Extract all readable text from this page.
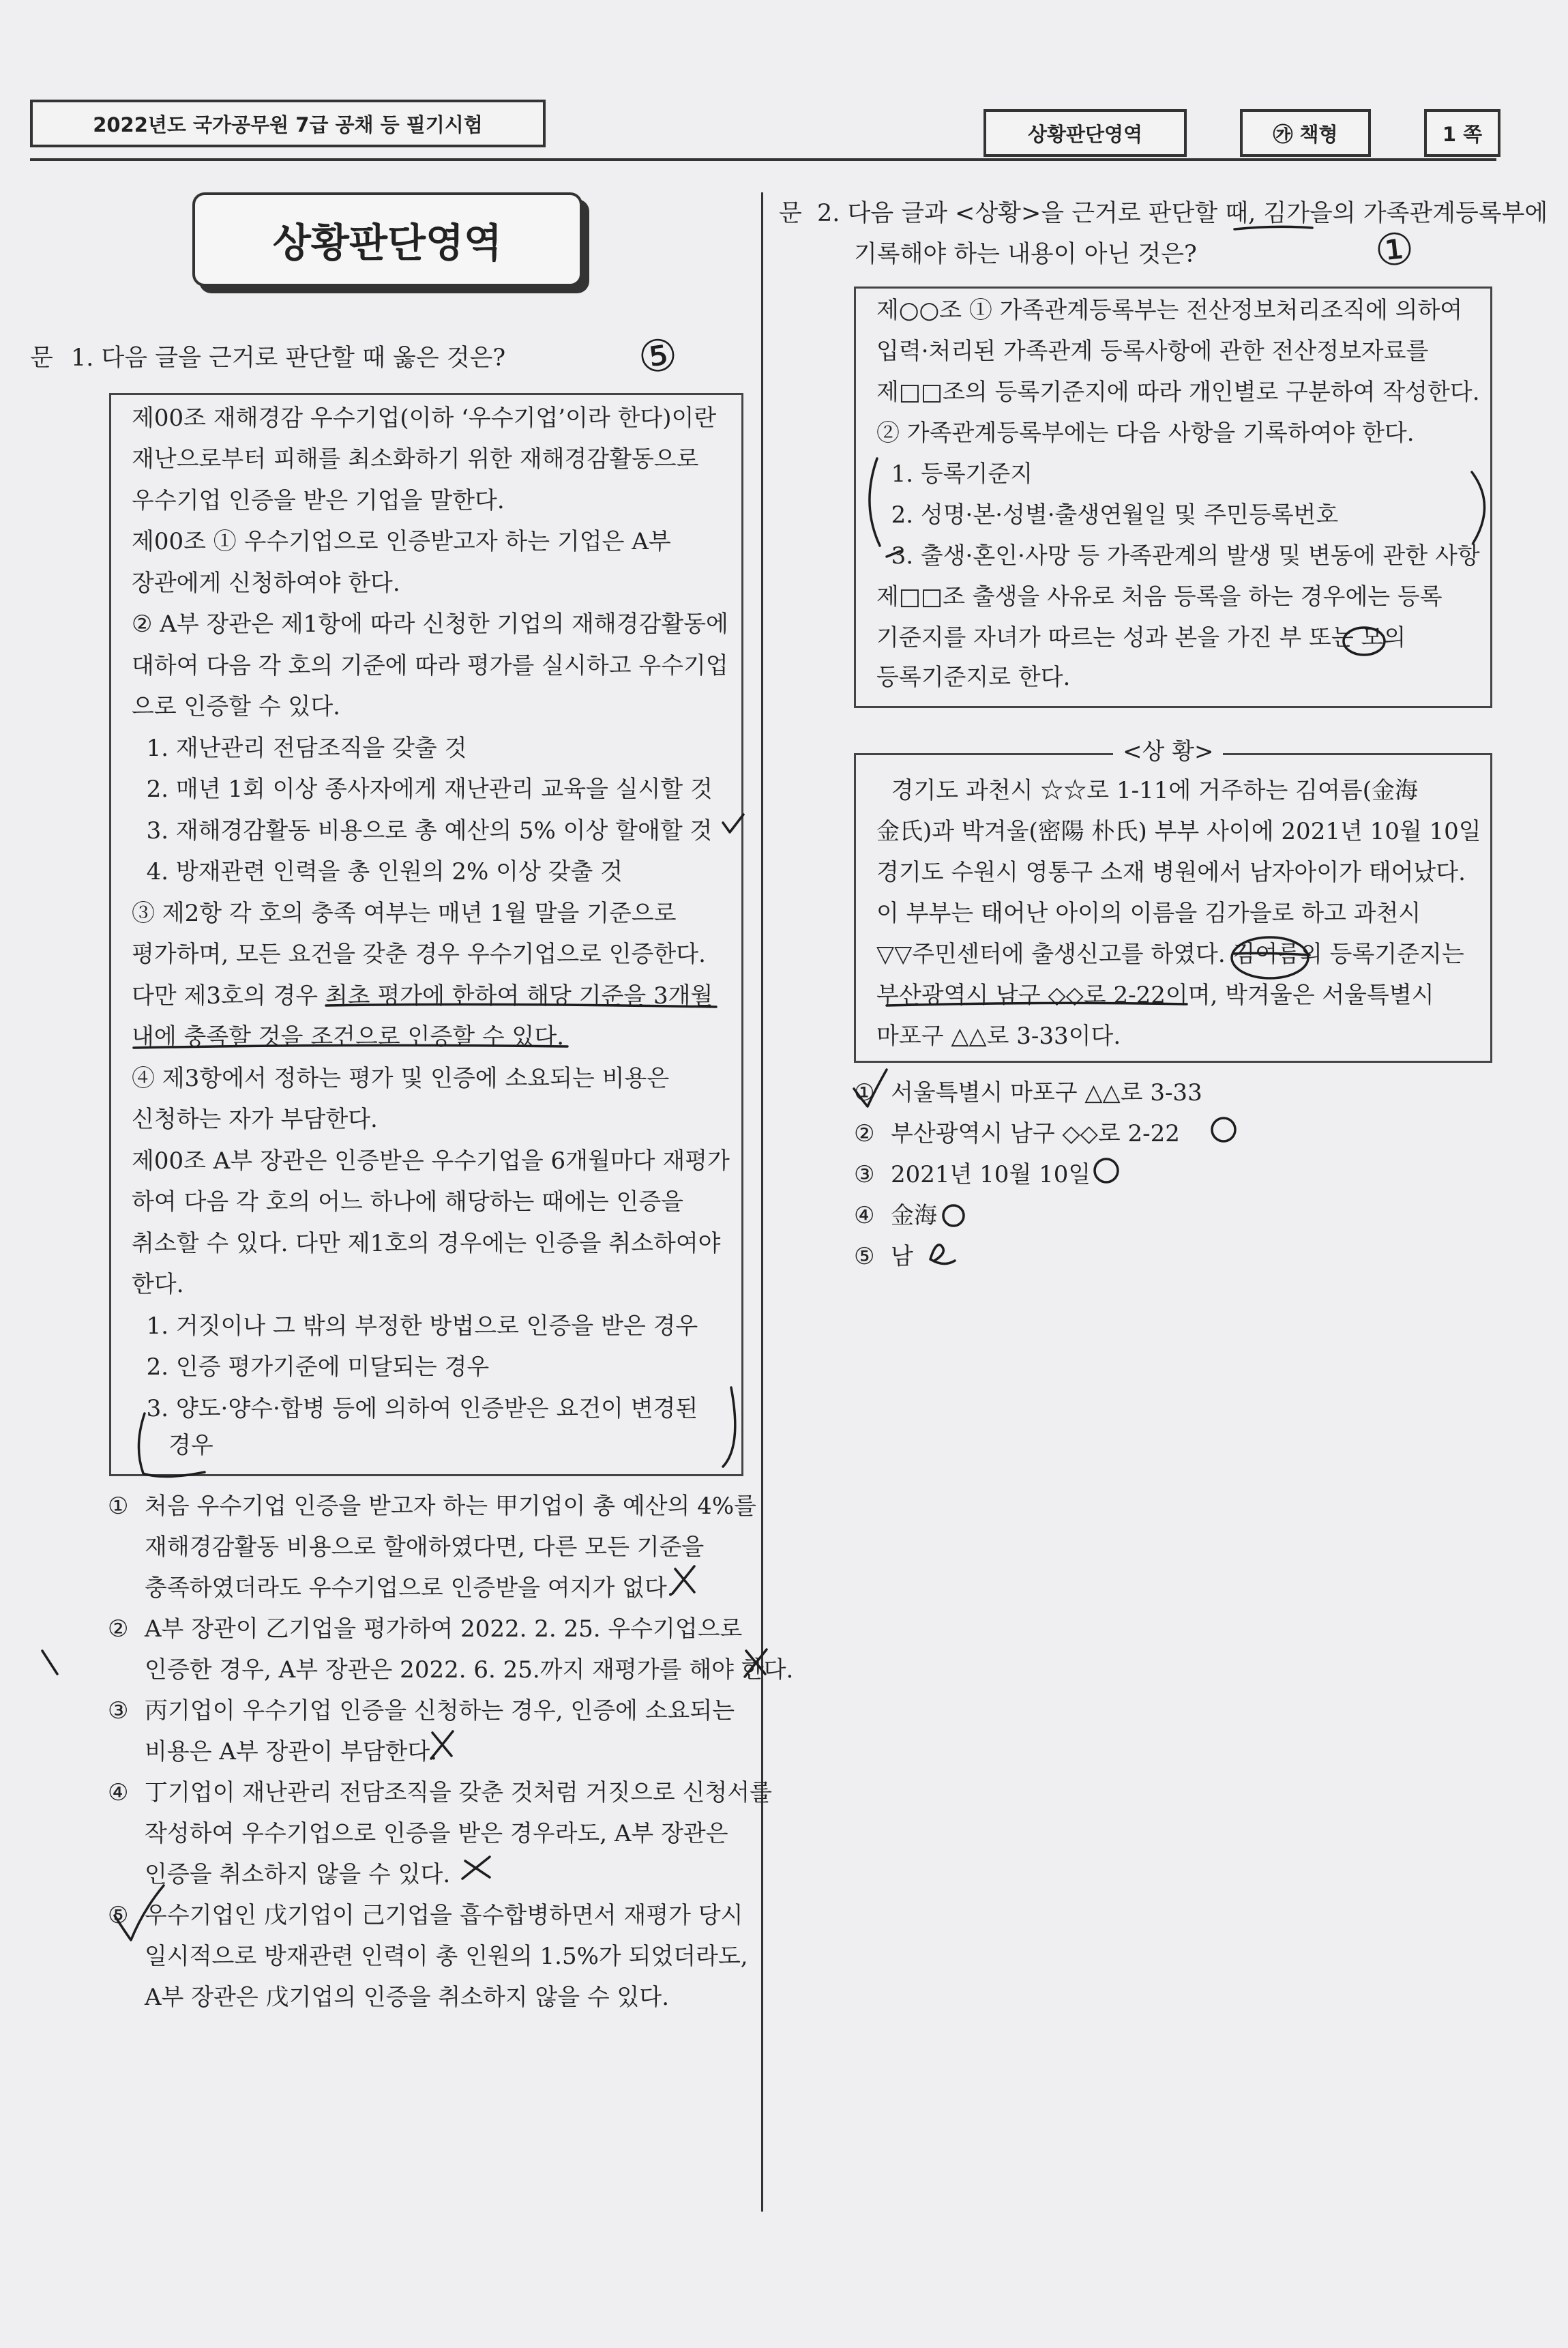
2022년도 국가공무원 7급 공채 등 필기시험	상황판단영역	㉮ 책형	1 쪽
상황판단영역
문 1. 다음 글을 근거로 판단할 때 옳은 것은?
제00조 재해경감 우수기업(이하 ‘우수기업’이라 한다)이란
재난으로부터 피해를 최소화하기 위한 재해경감활동으로
우수기업 인증을 받은 기업을 말한다.
제00조 ① 우수기업으로 인증받고자 하는 기업은 A부
장관에게 신청하여야 한다.
② A부 장관은 제1항에 따라 신청한 기업의 재해경감활동에
대하여 다음 각 호의 기준에 따라 평가를 실시하고 우수기업
으로 인증할 수 있다.
1. 재난관리 전담조직을 갖출 것
2. 매년 1회 이상 종사자에게 재난관리 교육을 실시할 것
3. 재해경감활동 비용으로 총 예산의 5% 이상 할애할 것
4. 방재관련 인력을 총 인원의 2% 이상 갖출 것
③ 제2항 각 호의 충족 여부는 매년 1월 말을 기준으로
평가하며, 모든 요건을 갖춘 경우 우수기업으로 인증한다.
다만 제3호의 경우 최초 평가에 한하여 해당 기준을 3개월
내에 충족할 것을 조건으로 인증할 수 있다.
④ 제3항에서 정하는 평가 및 인증에 소요되는 비용은
신청하는 자가 부담한다.
제00조 A부 장관은 인증받은 우수기업을 6개월마다 재평가
하여 다음 각 호의 어느 하나에 해당하는 때에는 인증을
취소할 수 있다. 다만 제1호의 경우에는 인증을 취소하여야
한다.
1. 거짓이나 그 밖의 부정한 방법으로 인증을 받은 경우
2. 인증 평가기준에 미달되는 경우
3. 양도·양수·합병 등에 의하여 인증받은 요건이 변경된
경우
① 처음 우수기업 인증을 받고자 하는 甲기업이 총 예산의 4%를
재해경감활동 비용으로 할애하였다면, 다른 모든 기준을
충족하였더라도 우수기업으로 인증받을 여지가 없다.
② A부 장관이 乙기업을 평가하여 2022. 2. 25. 우수기업으로
인증한 경우, A부 장관은 2022. 6. 25.까지 재평가를 해야 한다.
③ 丙기업이 우수기업 인증을 신청하는 경우, 인증에 소요되는
비용은 A부 장관이 부담한다.
④ 丁기업이 재난관리 전담조직을 갖춘 것처럼 거짓으로 신청서를
작성하여 우수기업으로 인증을 받은 경우라도, A부 장관은
인증을 취소하지 않을 수 있다.
⑤ 우수기업인 戊기업이 己기업을 흡수합병하면서 재평가 당시
일시적으로 방재관련 인력이 총 인원의 1.5%가 되었더라도,
A부 장관은 戊기업의 인증을 취소하지 않을 수 있다.
문 2. 다음 글과 <상황>을 근거로 판단할 때, 김가을의 가족관계등록부에
기록해야 하는 내용이 아닌 것은?
제○○조 ① 가족관계등록부는 전산정보처리조직에 의하여
입력·처리된 가족관계 등록사항에 관한 전산정보자료를
제□□조의 등록기준지에 따라 개인별로 구분하여 작성한다.
② 가족관계등록부에는 다음 사항을 기록하여야 한다.
1. 등록기준지
2. 성명·본·성별·출생연월일 및 주민등록번호
3. 출생·혼인·사망 등 가족관계의 발생 및 변동에 관한 사항
제□□조 출생을 사유로 처음 등록을 하는 경우에는 등록
기준지를 자녀가 따르는 성과 본을 가진 부 또는 모의
등록기준지로 한다.
경기도 과천시 ☆☆로 1-11에 거주하는 김여름(金海
金氏)과 박겨울(密陽 朴氏) 부부 사이에 2021년 10월 10일
경기도 수원시 영통구 소재 병원에서 남자아이가 태어났다.
이 부부는 태어난 아이의 이름을 김가을로 하고 과천시
▽▽주민센터에 출생신고를 하였다. 김여름의 등록기준지는
부산광역시 남구 ◇◇로 2-22이며, 박겨울은 서울특별시
마포구 △△로 3-33이다.
<상 황>
① 서울특별시 마포구 △△로 3-33
② 부산광역시 남구 ◇◇로 2-22
③ 2021년 10월 10일
④ 金海
⑤ 남
⑤
①
